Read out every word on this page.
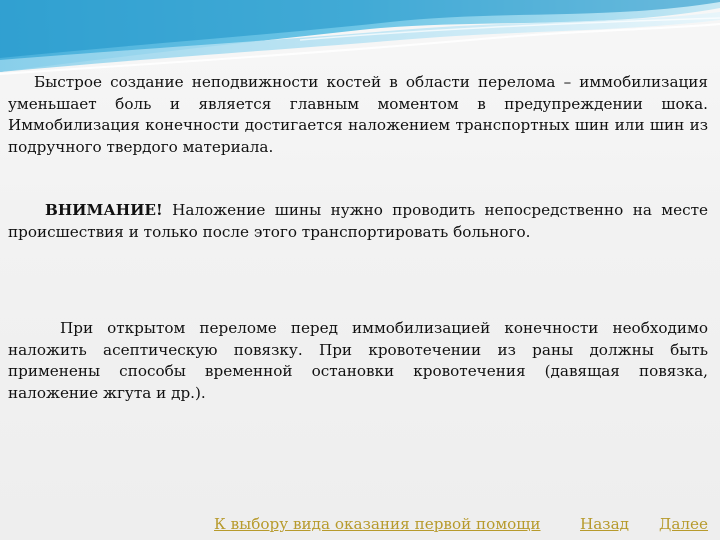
Быстрое создание неподвижности костей в области перелома – иммобилизация уменьшает боль и является главным моментом в предупреждении шока. Иммобилизация конечности достигается наложением транспортных шин или шин из подручного твердого материала.

ВНИМАНИЕ! Наложение шины нужно проводить непосредственно на месте происшествия и только после этого транспортировать больного.

При открытом переломе перед иммобилизацией конечности необходимо наложить асептическую повязку. При кровотечении из раны должны быть применены способы временной остановки кровотечения (давящая повязка, наложение жгута и др.).

К выбору вида оказания первой помощи	Назад Далее
